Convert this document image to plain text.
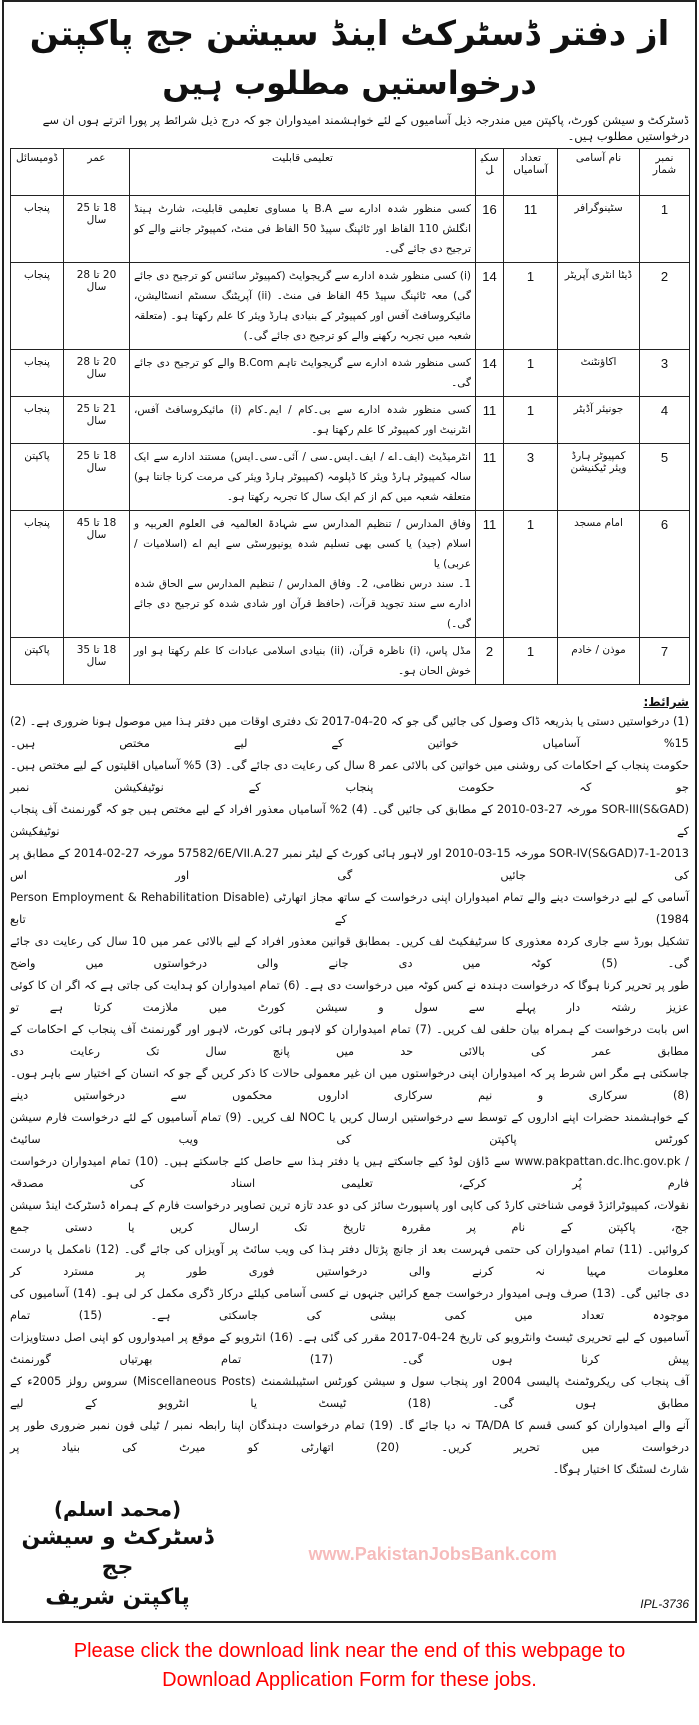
از دفتر ڈسٹرکٹ اینڈ سیشن جج پاکپتن
درخواستیں مطلوب ہیں
ڈسٹرکٹ و سیشن کورٹ، پاکپتن میں مندرجہ ذیل آسامیوں کے لئے خواہشمند امیدواران جو کہ درج ذیل شرائط پر پورا اترتے ہوں ان سے درخواستیں مطلوب ہیں۔
نمبر شمار	نام آسامی	تعداد آسامیاں	سکیل	تعلیمی قابلیت	عمر	ڈومیسائل
1	سٹینوگرافر	11	16	کسی منظور شدہ ادارے سے B.A یا مساوی تعلیمی قابلیت، شارٹ ہینڈ انگلش 110 الفاظ اور ٹائپنگ سپیڈ 50 الفاظ فی منٹ، کمپیوٹر جاننے والے کو ترجیح دی جائے گی۔	18 تا 25 سال	پنجاب
2	ڈیٹا انٹری آپریٹر	1	14	(i) کسی منظور شدہ ادارے سے گریجوایٹ (کمپیوٹر سائنس کو ترجیح دی جائے گی) معہ ٹائپنگ سپیڈ 45 الفاظ فی منٹ۔ (ii) آپریٹنگ سسٹم انسٹالیشن، مائیکروسافٹ آفس اور کمپیوٹر کے بنیادی ہارڈ ویئر کا علم رکھتا ہو۔ (متعلقہ شعبہ میں تجربہ رکھنے والے کو ترجیح دی جائے گی۔)	20 تا 28 سال	پنجاب
3	اکاؤنٹنٹ	1	14	کسی منظور شدہ ادارے سے گریجوایٹ تاہم B.Com والے کو ترجیح دی جائے گی۔	20 تا 28 سال	پنجاب
4	جونیئر آڈیٹر	1	11	کسی منظور شدہ ادارے سے بی۔کام / ایم۔کام (i) مائیکروسافٹ آفس، انٹرنیٹ اور کمپیوٹر کا علم رکھتا ہو۔	21 تا 25 سال	پنجاب
5	کمپیوٹر ہارڈ ویئر ٹیکنیشن	3	11	انٹرمیڈیٹ (ایف۔اے / ایف۔ایس۔سی / آئی۔سی۔ایس) مستند ادارے سے ایک سالہ کمپیوٹر ہارڈ ویئر کا ڈپلومہ (کمپیوٹر ہارڈ ویئر کی مرمت کرنا جانتا ہو) متعلقہ شعبہ میں کم از کم ایک سال کا تجربہ رکھتا ہو۔	18 تا 25 سال	پاکپتن
6	امام مسجد	1	11	وفاق المدارس / تنظیم المدارس سے شہادۃ العالمیہ فی العلوم العربیہ و اسلام (جید) یا کسی بھی تسلیم شدہ یونیورسٹی سے ایم اے (اسلامیات / عربی) یا
1۔ سند درس نظامی، 2۔ وفاق المدارس / تنظیم المدارس سے الحاق شدہ ادارے سے سند تجوید قرآت، (حافظ قرآن اور شادی شدہ کو ترجیح دی جائے گی۔)	18 تا 45 سال	پنجاب
7	موذن / خادم	1	2	مڈل پاس، (i) ناظرہ قرآن، (ii) بنیادی اسلامی عبادات کا علم رکھتا ہو اور خوش الحان ہو۔	18 تا 35 سال	پاکپتن
شرائط:
(1) درخواستیں دستی یا بذریعہ ڈاک وصول کی جائیں گی جو کہ 20-04-2017 تک دفتری اوقات میں دفتر ہذا میں موصول ہونا ضروری ہے۔ (2) 15% آسامیاں خواتین کے لیے مختص ہیں۔
حکومت پنجاب کے احکامات کی روشنی میں خواتین کی بالائی عمر 8 سال کی رعایت دی جائے گی۔ (3) 5% آسامیاں اقلیتوں کے لیے مختص ہیں۔ جو کہ حکومت پنجاب کے نوٹیفکیشن نمبر
SOR-III(S&GAD) مورخہ 27-03-2010 کے مطابق کی جائیں گی۔ (4) 2% آسامیاں معذور افراد کے لیے مختص ہیں جو کہ گورنمنٹ آف پنجاب کے نوٹیفکیشن
SOR-IV(S&GAD)7-1-2013 مورخہ 15-03-2010 اور لاہور ہائی کورٹ کے لیٹر نمبر 57582/6E/VII.A.27 مورخہ 27-02-2014 کے مطابق پر کی جائیں گی اور اس
آسامی کے لیے درخواست دینے والے تمام امیدواران اپنی درخواست کے ساتھ مجاز اتھارٹی (Person Employment & Rehabilitation Disable 1984) کے تابع
تشکیل بورڈ سے جاری کردہ معذوری کا سرٹیفکیٹ لف کریں۔ بمطابق قوانین معذور افراد کے لیے بالائی عمر میں 10 سال کی رعایت دی جائے گی۔ (5) کوٹہ میں دی جانے والی درخواستوں میں واضح
طور پر تحریر کرنا ہوگا کہ درخواست دہندہ نے کس کوٹہ میں درخواست دی ہے۔ (6) تمام امیدواران کو ہدایت کی جاتی ہے کہ اگر ان کا کوئی عزیز رشتہ دار پہلے سے سول و سیشن کورٹ میں ملازمت کرتا ہے تو
اس بابت درخواست کے ہمراہ بیان حلفی لف کریں۔ (7) تمام امیدواران کو لاہور ہائی کورٹ، لاہور اور گورنمنٹ آف پنجاب کے احکامات کے مطابق عمر کی بالائی حد میں پانچ سال تک رعایت دی
جاسکتی ہے مگر اس شرط پر کہ امیدواران اپنی درخواستوں میں ان غیر معمولی حالات کا ذکر کریں گے جو کہ انسان کے اختیار سے باہر ہوں۔ (8) سرکاری و نیم سرکاری اداروں محکموں سے درخواستیں دینے
کے خواہشمند حضرات اپنے اداروں کے توسط سے درخواستیں ارسال کریں یا NOC لف کریں۔ (9) تمام آسامیوں کے لئے درخواست فارم سیشن کورٹس پاکپتن کی ویب سائیٹ
/ www.pakpattan.dc.lhc.gov.pk سے ڈاؤن لوڈ کیے جاسکتے ہیں یا دفتر ہذا سے حاصل کئے جاسکتے ہیں۔ (10) تمام امیدواران درخواست فارم پُر کرکے، تعلیمی اسناد کی مصدقہ
نقولات، کمپیوٹرائزڈ قومی شناختی کارڈ کی کاپی اور پاسپورٹ سائز کی دو عدد تازہ ترین تصاویر درخواست فارم کے ہمراہ ڈسٹرکٹ اینڈ سیشن جج، پاکپتن کے نام پر مقررہ تاریخ تک ارسال کریں یا دستی جمع
کروائیں۔ (11) تمام امیدواران کی حتمی فہرست بعد از جانچ پڑتال دفتر ہذا کی ویب سائٹ پر آویزاں کی جائے گی۔ (12) نامکمل یا درست معلومات مہیا نہ کرنے والی درخواستیں فوری طور پر مسترد کر
دی جائیں گی۔ (13) صرف وہی امیدوار درخواست جمع کرائیں جنہوں نے کسی آسامی کیلئے درکار ڈگری مکمل کر لی ہو۔ (14) آسامیوں کی موجودہ تعداد میں کمی بیشی کی جاسکتی ہے۔ (15) تمام
آسامیوں کے لیے تحریری ٹیسٹ وانٹرویو کی تاریخ 24-04-2017 مقرر کی گئی ہے۔ (16) انٹرویو کے موقع پر امیدواروں کو اپنی اصل دستاویزات پیش کرنا ہوں گی۔ (17) تمام بھرتیاں گورنمنٹ
آف پنجاب کی ریکروٹمنٹ پالیسی 2004 اور پنجاب سول و سیشن کورٹس اسٹیبلشمنٹ (Miscellaneous Posts) سروس رولز 2005ء کے مطابق ہوں گی۔ (18) ٹیسٹ یا انٹرویو کے لیے
آنے والے امیدواران کو کسی قسم کا TA/DA نہ دیا جائے گا۔ (19) تمام درخواست دہندگان اپنا رابطہ نمبر / ٹیلی فون نمبر ضروری طور پر درخواست میں تحریر کریں۔ (20) اتھارٹی کو میرٹ کی بنیاد پر
شارٹ لسٹنگ کا اختیار ہوگا۔
(محمد اسلم)
ڈسٹرکٹ و سیشن جج
پاکپتن شریف
www.PakistanJobsBank.com
IPL-3736
Please click the download link near the end of this webpage to
Download Application Form for these jobs.
